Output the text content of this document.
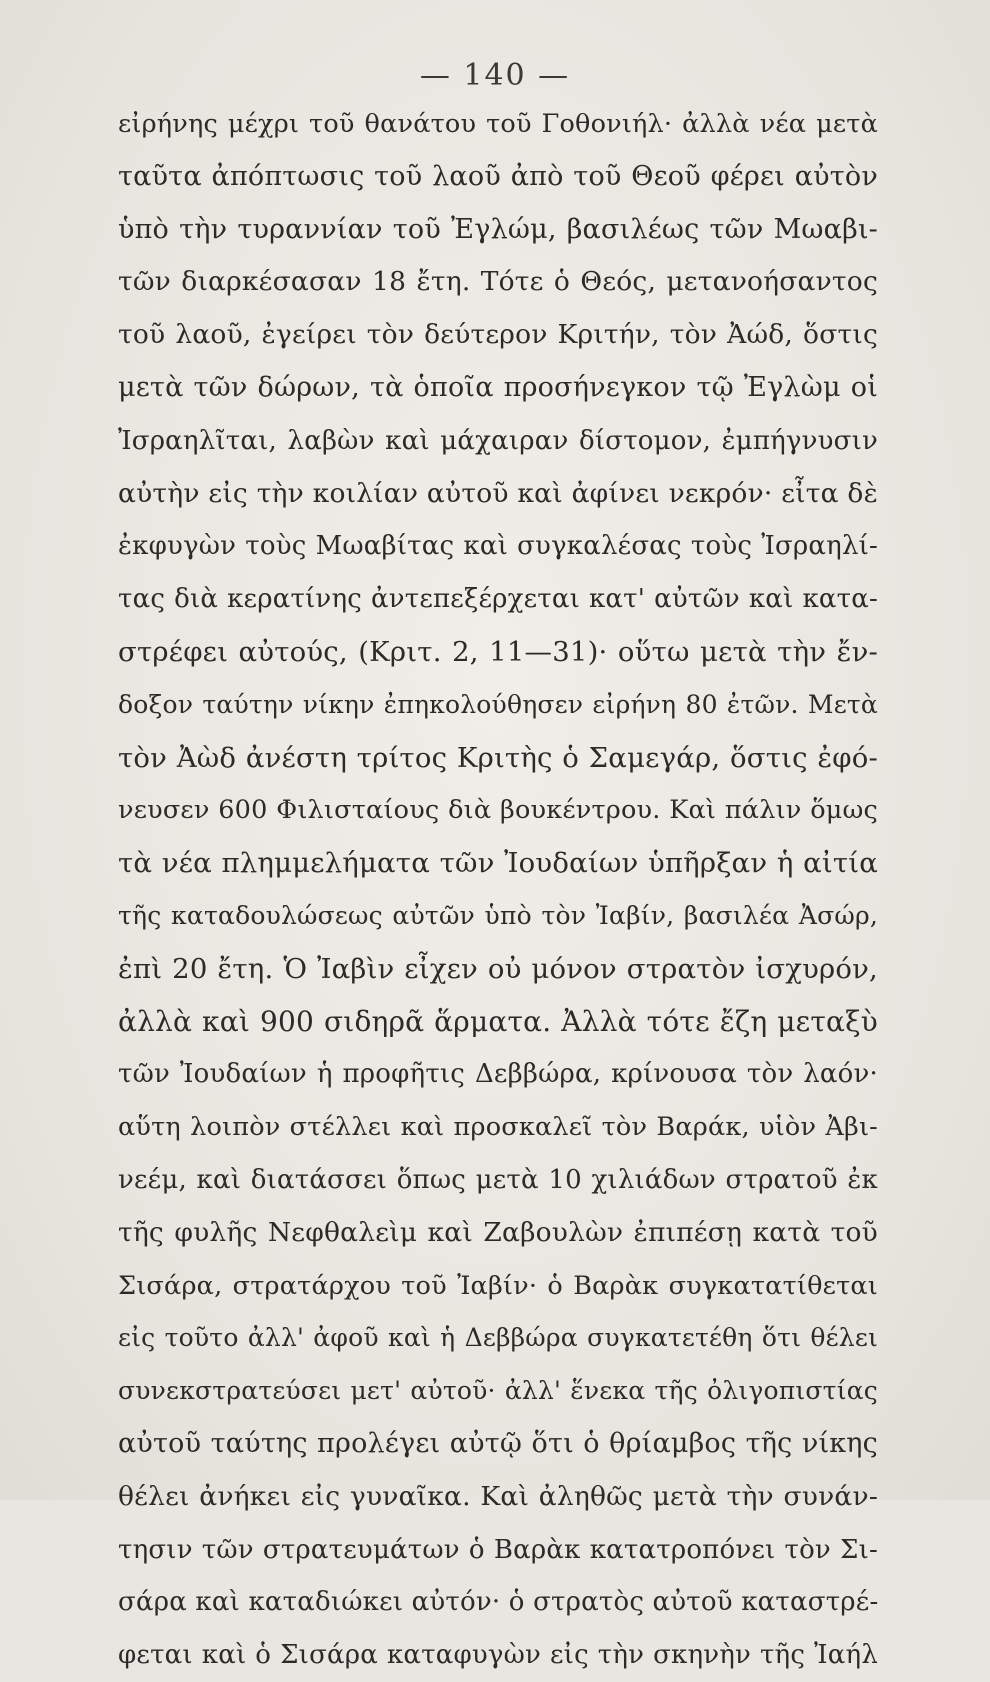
— 140 —
εἰρήνης μέχρι τοῦ θανάτου τοῦ Γοθονιήλ· ἀλλὰ νέα μετὰ
ταῦτα ἀπόπτωσις τοῦ λαοῦ ἀπὸ τοῦ Θεοῦ φέρει αὐτὸν
ὑπὸ τὴν τυραννίαν τοῦ Ἐγλώμ, βασιλέως τῶν Μωαβι-
τῶν διαρκέσασαν 18 ἔτη. Τότε ὁ Θεός, μετανοήσαντος
τοῦ λαοῦ, ἐγείρει τὸν δεύτερον Κριτήν, τὸν Ἀώδ, ὅστις
μετὰ τῶν δώρων, τὰ ὁποῖα προσήνεγκον τῷ Ἐγλὼμ οἱ
Ἰσραηλῖται, λαβὼν καὶ μάχαιραν δίστομον, ἐμπήγνυσιν
αὐτὴν εἰς τὴν κοιλίαν αὐτοῦ καὶ ἀφίνει νεκρόν· εἶτα δὲ
ἐκφυγὼν τοὺς Μωαβίτας καὶ συγκαλέσας τοὺς Ἰσραηλί-
τας διὰ κερατίνης ἀντεπεξέρχεται κατ' αὐτῶν καὶ κατα-
στρέφει αὐτούς, (Κριτ. 2, 11—31)· οὕτω μετὰ τὴν ἔν-
δοξον ταύτην νίκην ἐπηκολούθησεν εἰρήνη 80 ἐτῶν. Μετὰ
τὸν Ἀὼδ ἀνέστη τρίτος Κριτὴς ὁ Σαμεγάρ, ὅστις ἐφό-
νευσεν 600 Φιλισταίους διὰ βουκέντρου. Καὶ πάλιν ὅμως
τὰ νέα πλημμελήματα τῶν Ἰουδαίων ὑπῆρξαν ἡ αἰτία
τῆς καταδουλώσεως αὐτῶν ὑπὸ τὸν Ἰαβίν, βασιλέα Ἀσώρ,
ἐπὶ 20 ἔτη. Ὁ Ἰαβὶν εἶχεν οὐ μόνον στρατὸν ἰσχυρόν,
ἀλλὰ καὶ 900 σιδηρᾶ ἅρματα. Ἀλλὰ τότε ἔζη μεταξὺ
τῶν Ἰουδαίων ἡ προφῆτις Δεββώρα, κρίνουσα τὸν λαόν·
αὕτη λοιπὸν στέλλει καὶ προσκαλεῖ τὸν Βαράκ, υἱὸν Ἀβι-
νεέμ, καὶ διατάσσει ὅπως μετὰ 10 χιλιάδων στρατοῦ ἐκ
τῆς φυλῆς Νεφθαλεὶμ καὶ Ζαβουλὼν ἐπιπέσῃ κατὰ τοῦ
Σισάρα, στρατάρχου τοῦ Ἰαβίν· ὁ Βαρὰκ συγκατατίθεται
εἰς τοῦτο ἀλλ' ἀφοῦ καὶ ἡ Δεββώρα συγκατετέθη ὅτι θέλει
συνεκστρατεύσει μετ' αὐτοῦ· ἀλλ' ἕνεκα τῆς ὀλιγοπιστίας
αὐτοῦ ταύτης προλέγει αὐτῷ ὅτι ὁ θρίαμβος τῆς νίκης
θέλει ἀνήκει εἰς γυναῖκα. Καὶ ἀληθῶς μετὰ τὴν συνάν-
τησιν τῶν στρατευμάτων ὁ Βαρὰκ κατατροπόνει τὸν Σι-
σάρα καὶ καταδιώκει αὐτόν· ὁ στρατὸς αὐτοῦ καταστρέ-
φεται καὶ ὁ Σισάρα καταφυγὼν εἰς τὴν σκηνὴν τῆς Ἰαήλ
